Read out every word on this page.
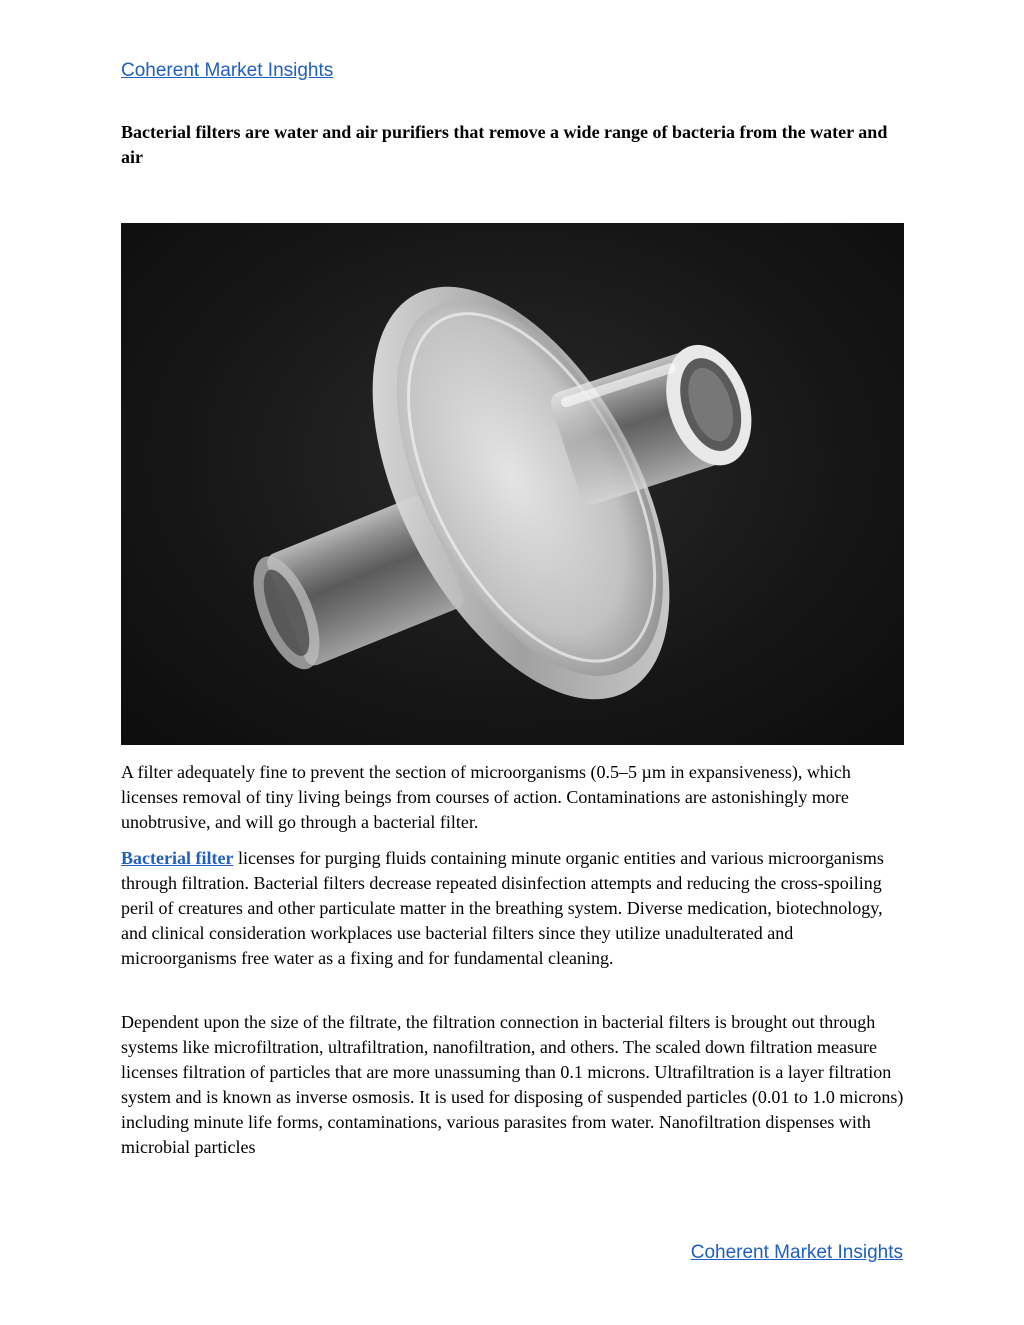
Coherent Market Insights
Bacterial filters are water and air purifiers that remove a wide range of bacteria from the water and air

A filter adequately fine to prevent the section of microorganisms (0.5–5 µm in expansiveness), which licenses removal of tiny living beings from courses of action. Contaminations are astonishingly more unobtrusive, and will go through a bacterial filter.

Bacterial filter licenses for purging fluids containing minute organic entities and various microorganisms through filtration. Bacterial filters decrease repeated disinfection attempts and reducing the cross-spoiling peril of creatures and other particulate matter in the breathing system. Diverse medication, biotechnology, and clinical consideration workplaces use bacterial filters since they utilize unadulterated and microorganisms free water as a fixing and for fundamental cleaning.

Dependent upon the size of the filtrate, the filtration connection in bacterial filters is brought out through systems like microfiltration, ultrafiltration, nanofiltration, and others. The scaled down filtration measure licenses filtration of particles that are more unassuming than 0.1 microns. Ultrafiltration is a layer filtration system and is known as inverse osmosis. It is used for disposing of suspended particles (0.01 to 1.0 microns) including minute life forms, contaminations, various parasites from water. Nanofiltration dispenses with microbial particles

Coherent Market Insights
